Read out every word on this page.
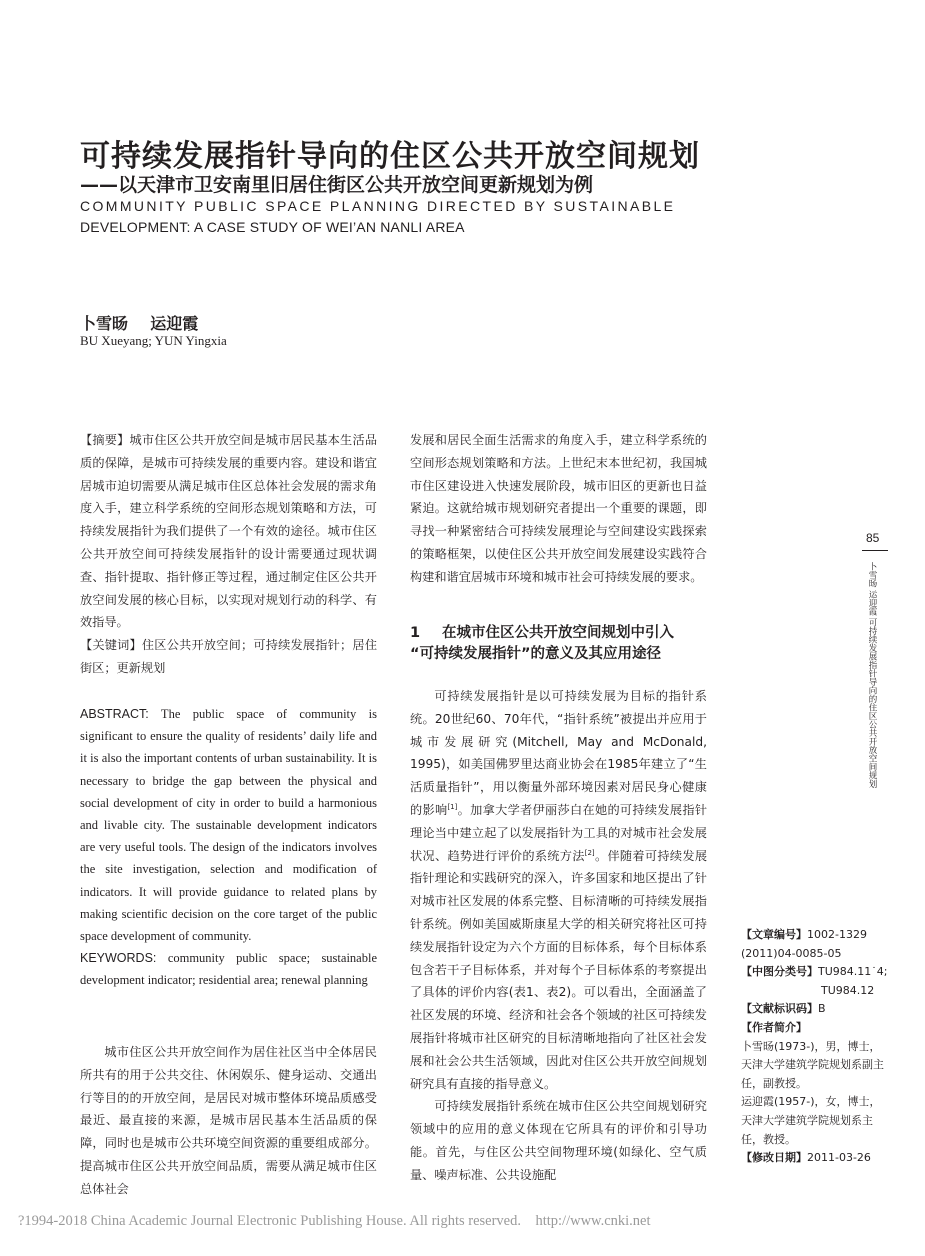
可持续发展指针导向的住区公共开放空间规划
——以天津市卫安南里旧居住街区公共开放空间更新规划为例
COMMUNITY PUBLIC SPACE PLANNING DIRECTED BY SUSTAINABLE
DEVELOPMENT: A CASE STUDY OF WEI’AN NANLI AREA
卜雪旸    运迎霞
BU Xueyang; YUN Yingxia

【摘要】城市住区公共开放空间是城市居民基本生活品质的保障，是城市可持续发展的重要内容。建设和谐宜居城市迫切需要从满足城市住区总体社会发展的需求角度入手，建立科学系统的空间形态规划策略和方法，可持续发展指针为我们提供了一个有效的途径。城市住区公共开放空间可持续发展指针的设计需要通过现状调查、指针提取、指针修正等过程，通过制定住区公共开放空间发展的核心目标，以实现对规划行动的科学、有效指导。

【关键词】住区公共开放空间；可持续发展指针；居住街区；更新规划

ABSTRACT: The public space of community is significant to ensure the quality of residents’ daily life and it is also the important contents of urban sustainability. It is necessary to bridge the gap between the physical and social development of city in order to build a harmonious and livable city. The sustainable development indicators are very useful tools. The design of the indicators involves the site investigation, selection and modification of indicators. It will provide guidance to related plans by making scientific decision on the core target of the public space development of community.

KEYWORDS: community public space; sustainable development indicator; residential area; renewal planning

城市住区公共开放空间作为居住社区当中全体居民所共有的用于公共交往、休闲娱乐、健身运动、交通出行等目的的开放空间，是居民对城市整体环境品质感受最近、最直接的来源，是城市居民基本生活品质的保障，同时也是城市公共环境空间资源的重要组成部分。提高城市住区公共开放空间品质，需要从满足城市住区总体社会

发展和居民全面生活需求的角度入手，建立科学系统的空间形态规划策略和方法。上世纪末本世纪初，我国城市住区建设进入快速发展阶段，城市旧区的更新也日益紧迫。这就给城市规划研究者提出一个重要的课题，即寻找一种紧密结合可持续发展理论与空间建设实践探索的策略框架，以使住区公共开放空间发展建设实践符合构建和谐宜居城市环境和城市社会可持续发展的要求。

1 在城市住区公共开放空间规划中引入
“可持续发展指针”的意义及其应用途径

可持续发展指针是以可持续发展为目标的指针系统。20世纪60、70年代，“指针系统”被提出并应用于城市发展研究(Mitchell, May and McDonald, 1995)，如美国佛罗里达商业协会在1985年建立了“生活质量指针”，用以衡量外部环境因素对居民身心健康的影响[1]。加拿大学者伊丽莎白在她的可持续发展指针理论当中建立起了以发展指针为工具的对城市社会发展状况、趋势进行评价的系统方法[2]。伴随着可持续发展指针理论和实践研究的深入，许多国家和地区提出了针对城市社区发展的体系完整、目标清晰的可持续发展指针系统。例如美国威斯康星大学的相关研究将社区可持续发展指针设定为六个方面的目标体系，每个目标体系包含若干子目标体系，并对每个子目标体系的考察提出了具体的评价内容(表1、表2)。可以看出，全面涵盖了社区发展的环境、经济和社会各个领域的社区可持续发展指针将城市社区研究的目标清晰地指向了社区社会发展和社会公共生活领域，因此对住区公共开放空间规划研究具有直接的指导意义。

可持续发展指针系统在城市住区公共空间规划研究领域中的应用的意义体现在它所具有的评价和引导功能。首先，与住区公共空间物理环境(如绿化、空气质量、噪声标准、公共设施配

85
卜雪旸 运迎霞 可持续发展指针导向的住区公共开放空间规划
【文章编号】1002-1329
(2011)04-0085-05
【中图分类号】TU984.11˙4;
TU984.12
【文献标识码】B
【作者简介】
卜雪旸(1973-)，男，博士，天津大学建筑学院规划系副主任，副教授。
运迎霞(1957-)，女，博士，天津大学建筑学院规划系主任，教授。
【修改日期】2011-03-26
?1994-2018 China Academic Journal Electronic Publishing House. All rights reserved.    http://www.cnki.net
